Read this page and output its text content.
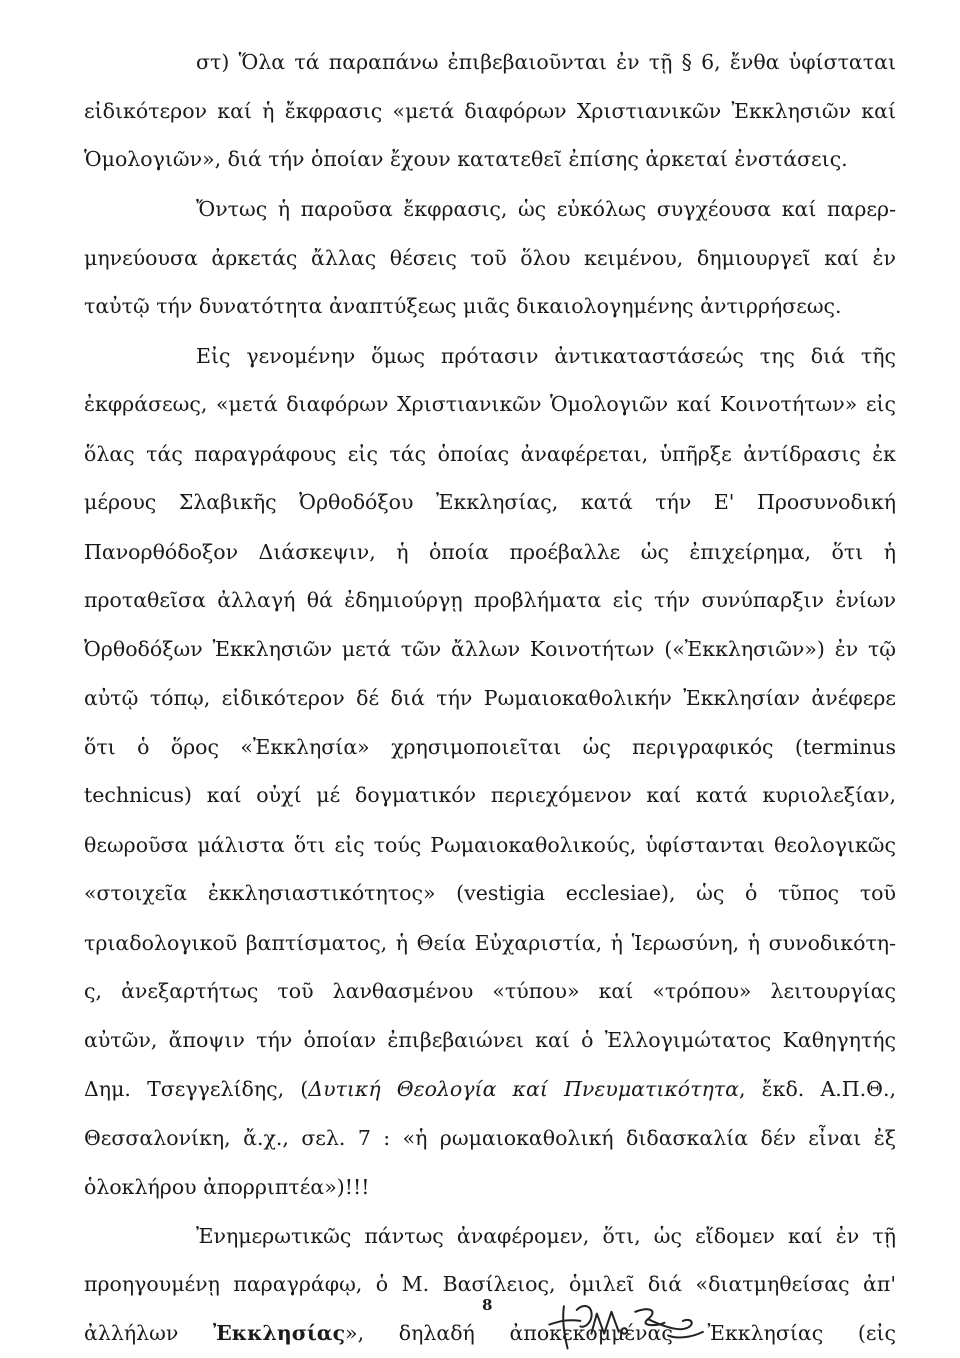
στ) Ὅλα τά παραπάνω ἐπιβεβαιοῦνται ἐν τῇ § 6, ἔνθα ὑφίσταται
εἰδικότερον καί ἡ ἔκφρασις «μετά διαφόρων Χριστιανικῶν Ἐκκλησιῶν καί
Ὁμολογιῶν», διά τήν ὁποίαν ἔχουν κατατεθεῖ ἐπίσης ἀρκεταί ἐνστάσεις.
Ὄντως ἡ παροῦσα ἔκφρασις, ὡς εὐκόλως συγχέουσα καί παρερ-
μηνεύουσα ἀρκετάς ἄλλας θέσεις τοῦ ὅλου κειμένου, δημιουργεῖ καί ἐν
ταὐτῷ τήν δυνατότητα ἀναπτύξεως μιᾶς δικαιολογημένης ἀντιρρήσεως.
Εἰς γενομένην ὅμως πρότασιν ἀντικαταστάσεώς της διά τῆς
ἐκφράσεως, «μετά διαφόρων Χριστιανικῶν Ὁμολογιῶν καί Κοινοτήτων» εἰς
ὅλας τάς παραγράφους εἰς τάς ὁποίας ἀναφέρεται, ὑπῆρξε ἀντίδρασις ἐκ
μέρους Σλαβικῆς Ὀρθοδόξου Ἐκκλησίας, κατά τήν Ε' Προσυνοδική
Πανορθόδοξον Διάσκεψιν, ἡ ὁποία προέβαλλε ὡς ἐπιχείρημα, ὅτι ἡ
προταθεῖσα ἀλλαγή θά ἐδημιούργῃ προβλήματα εἰς τήν συνύπαρξιν ἐνίων
Ὀρθοδόξων Ἐκκλησιῶν μετά τῶν ἄλλων Κοινοτήτων («Ἐκκλησιῶν») ἐν τῷ
αὐτῷ τόπῳ, εἰδικότερον δέ διά τήν Ρωμαιοκαθολικήν Ἐκκλησίαν ἀνέφερε
ὅτι ὁ ὅρος «Ἐκκλησία» χρησιμοποιεῖται ὡς περιγραφικός (terminus
technicus) καί οὐχί μέ δογματικόν περιεχόμενον καί κατά κυριολεξίαν,
θεωροῦσα μάλιστα ὅτι εἰς τούς Ρωμαιοκαθολικούς, ὑφίστανται θεολογικῶς
«στοιχεῖα ἐκκλησιαστικότητος» (vestigia ecclesiae), ὡς ὁ τῦπος τοῦ
τριαδολογικοῦ βαπτίσματος, ἡ Θεία Εὐχαριστία, ἡ Ἱερωσύνη, ἡ συνοδικότη-
ς, ἀνεξαρτήτως τοῦ λανθασμένου «τύπου» καί «τρόπου» λειτουργίας
αὐτῶν, ἄποψιν τήν ὁποίαν ἐπιβεβαιώνει καί ὁ Ἐλλογιμώτατος Καθηγητής
Δημ. Τσεγγελίδης, (Δυτική Θεολογία καί Πνευματικότητα, ἔκδ. Α.Π.Θ.,
Θεσσαλονίκη, ἄ.χ., σελ. 7 : «ἡ ρωμαιοκαθολική διδασκαλία δέν εἶναι ἐξ
ὁλοκλήρου ἀπορριπτέα»)!!!
Ἐνημερωτικῶς πάντως ἀναφέρομεν, ὅτι, ὡς εἴδομεν καί ἐν τῇ
προηγουμένῃ παραγράφῳ, ὁ Μ. Βασίλειος, ὁμιλεῖ διά «διατμηθείσας ἀπ'
ἀλλήλων Ἐκκλησίας», δηλαδή ἀποκεκομμένας Ἐκκλησίας (εἰς
8
